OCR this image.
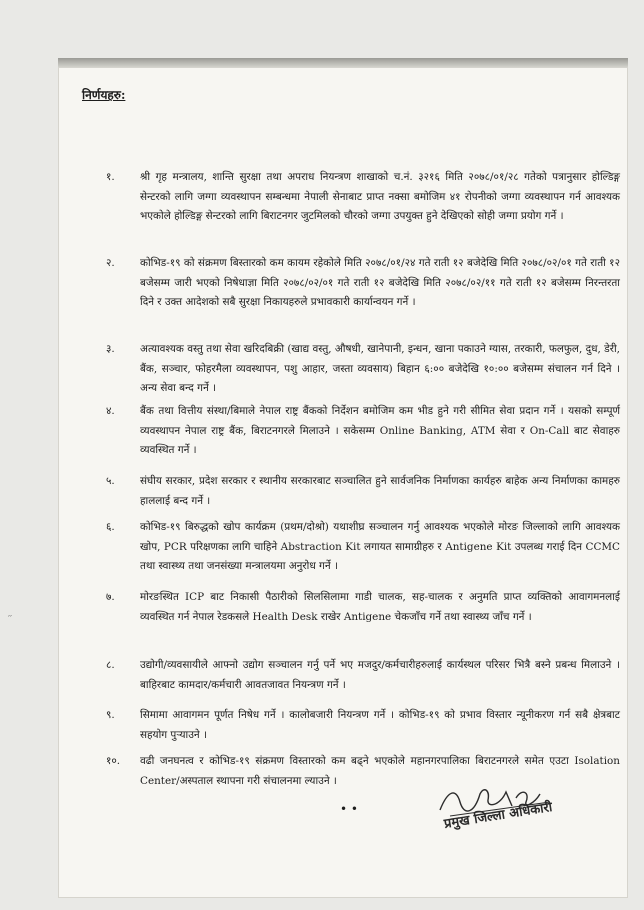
निर्णयहरु:
१. श्री गृह मन्त्रालय, शान्ति सुरक्षा तथा अपराध नियन्त्रण शाखाको च.नं. ३२१६ मिति २०७८/०१/२८ गतेको पत्रानुसार होल्डिङ्ग सेन्टरको लागि जग्गा व्यवस्थापन सम्बन्धमा नेपाली सेनाबाट प्राप्त नक्सा बमोजिम ४१ रोपनीको जग्गा व्यवस्थापन गर्न आवश्यक भएकोले होल्डिङ्ग सेन्टरको लागि बिराटनगर जुटमिलको चौरको जग्गा उपयुक्त हुने देखिएको सोही जग्गा प्रयोग गर्ने ।
२. कोभिड-१९ को संक्रमण बिस्तारको कम कायम रहेकोले मिति २०७८/०१/२४ गते राती १२ बजेदेखि मिति २०७८/०२/०१ गते राती १२ बजेसम्म जारी भएको निषेधाज्ञा मिति २०७८/०२/०१ गते राती १२ बजेदेखि मिति २०७८/०२/११ गते राती १२ बजेसम्म निरन्तरता दिने र उक्त आदेशको सबै सुरक्षा निकायहरुले प्रभावकारी कार्यान्वयन गर्ने ।
३. अत्यावश्यक वस्तु तथा सेवा खरिदबिक्री (खाद्य वस्तु, औषधी, खानेपानी, इन्धन, खाना पकाउने ग्यास, तरकारी, फलफुल, दुध, डेरी, बैंक, सञ्चार, फोहरमैला व्यवस्थापन, पशु आहार, जस्ता व्यवसाय) बिहान ६:०० बजेदेखि १०:०० बजेसम्म संचालन गर्न दिने । अन्य सेवा बन्द गर्ने ।
४. बैंक तथा वित्तीय संस्था/बिमाले नेपाल राष्ट्र बैंकको निर्देशन बमोजिम कम भीड हुने गरी सीमित सेवा प्रदान गर्ने । यसको सम्पूर्ण व्यवस्थापन नेपाल राष्ट्र बैंक, बिराटनगरले मिलाउने । सकेसम्म Online Banking, ATM सेवा र On-Call बाट सेवाहरु व्यवस्थित गर्ने ।
५. संघीय सरकार, प्रदेश सरकार र स्थानीय सरकारबाट सञ्चालित हुने सार्वजनिक निर्माणका कार्यहरु बाहेक अन्य निर्माणका कामहरु हाललाई बन्द गर्ने ।
६. कोभिड-१९ बिरुद्धको खोप कार्यक्रम (प्रथम/दोश्रो) यथाशीघ्र सञ्चालन गर्नु आवश्यक भएकोले मोरङ जिल्लाको लागि आवश्यक खोप, PCR परिक्षणका लागि चाहिने Abstraction Kit लगायत सामाग्रीहरु र Antigene Kit उपलब्ध गराई दिन CCMC तथा स्वास्थ्य तथा जनसंख्या मन्त्रालयमा अनुरोध गर्ने ।
७. मोरङस्थित ICP बाट निकासी पैठारीको सिलसिलामा गाडी चालक, सह-चालक र अनुमति प्राप्त व्यक्तिको आवागमनलाई व्यवस्थित गर्न नेपाल रेडकसले Health Desk राखेर Antigene चेकजाँच गर्ने तथा स्वास्थ्य जाँच गर्ने ।
८. उद्योगी/व्यवसायीले आफ्नो उद्योग सञ्चालन गर्नु पर्ने भए मजदुर/कर्मचारीहरुलाई कार्यस्थल परिसर भित्रै बस्ने प्रबन्ध मिलाउने । बाहिरबाट कामदार/कर्मचारी आवतजावत नियन्त्रण गर्ने ।
९. सिमामा आवागमन पूर्णत निषेध गर्ने । कालोबजारी नियन्त्रण गर्ने । कोभिड-१९ को प्रभाव विस्तार न्यूनीकरण गर्न सबै क्षेत्रबाट सहयोग पुऱ्याउने ।
१०. वढी जनघनत्व र कोभिड-१९ संक्रमण विस्तारको कम बढ्ने भएकोले महानगरपालिका बिराटनगरले समेत एउटा Isolation Center/अस्पताल स्थापना गरी संचालनमा ल्याउने ।
′′
• •	प्रमुख जिल्ला अधिकारी
